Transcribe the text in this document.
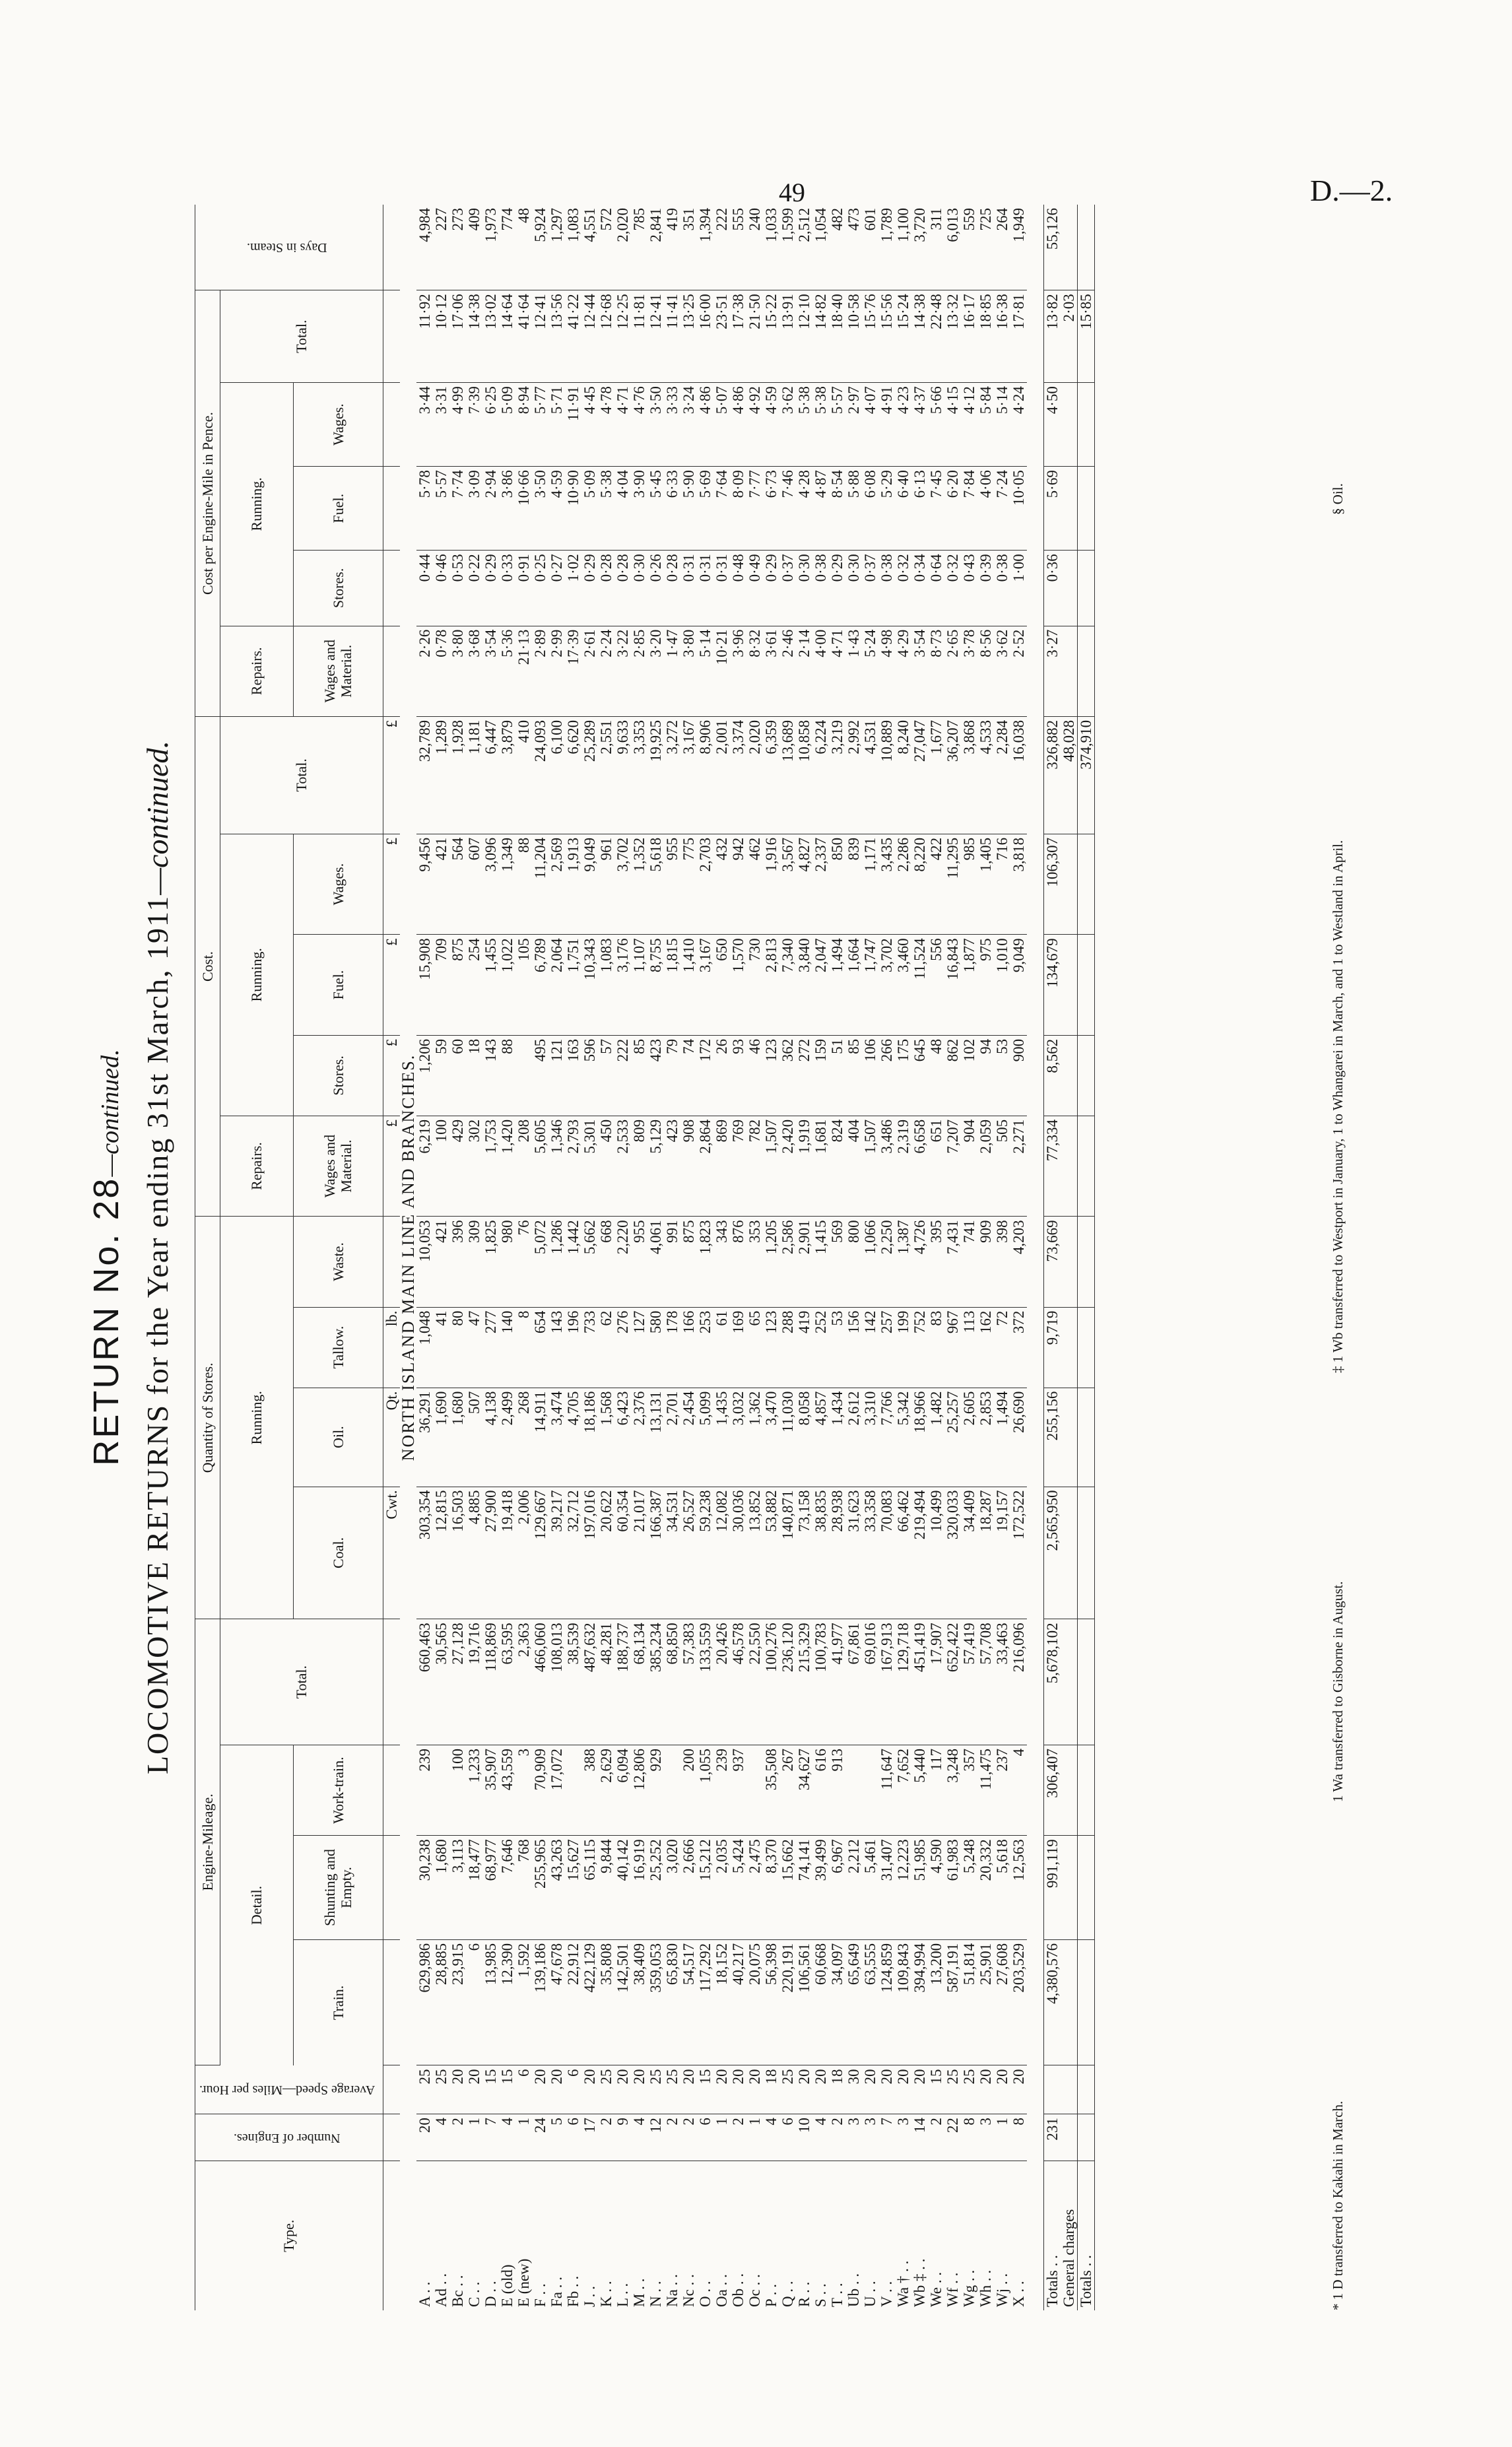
49	D.—2.
RETURN No. 28—continued. LOCOMOTIVE RETURNS for the Year ending 31st March, 1911—continued.
Type.	Number of Engines.	Average Speed—Miles per Hour.	Engine-Mileage.				Quantity of Stores.				Cost.					Cost per Engine-Mile in Pence.					Days in Steam.
			Detail.			Total.	Running.				Repairs.	Running.			Total.	Repairs.	Running.			Total.	
			Train.	Shunting and Empty.	Work-train.		Coal.	Oil.	Tallow.	Waste.	Wages and Material.	Stores.	Fuel.	Wages.		Wages and Material.	Stores.	Fuel.	Wages.		

							Cwt.	Qt.	lb.		£	£	£	£	£						
NORTH ISLAND MAIN LINE AND BRANCHES.																					
A . .	20	25	629,986	30,238	239	660,463	303,354	36,291	1,048	10,053	6,219	1,206	15,908	9,456	32,789	2·26	0·44	5·78	3·44	11·92	4,984
Ad . .	4	25	28,885	1,680		30,565	12,815	1,690	41	421	100	59	709	421	1,289	0·78	0·46	5·57	3·31	10·12	227
Bc . .	2	20	23,915	3,113	100	27,128	16,503	1,680	80	396	429	60	875	564	1,928	3·80	0·53	7·74	4·99	17·06	273
C . .	1	20	6	18,477	1,233	19,716	4,885	507	47	309	302	18	254	607	1,181	3·68	0·22	3·09	7·39	14·38	409
D . .	7	15	13,985	68,977	35,907	118,869	27,900	4,138	277	1,825	1,753	143	1,455	3,096	6,447	3·54	0·29	2·94	6·25	13·02	1,973
E (old)	4	15	12,390	7,646	43,559	63,595	19,418	2,499	140	980	1,420	88	1,022	1,349	3,879	5·36	0·33	3·86	5·09	14·64	774
E (new)	1	6	1,592	768	3	2,363	2,006	268	8	76	208		105	88	410	21·13	0·91	10·66	8·94	41·64	48
F . .	24	20	139,186	255,965	70,909	466,060	129,667	14,911	654	5,072	5,605	495	6,789	11,204	24,093	2·89	0·25	3·50	5·77	12·41	5,924
Fa . .	5	20	47,678	43,263	17,072	108,013	39,217	3,474	143	1,286	1,346	121	2,064	2,569	6,100	2·99	0·27	4·59	5·71	13·56	1,297
Fb . .	6	6	22,912	15,627		38,539	32,712	4,705	196	1,442	2,793	163	1,751	1,913	6,620	17·39	1·02	10·90	11·91	41·22	1,083
J . .	17	20	422,129	65,115	388	487,632	197,016	18,186	733	5,662	5,301	596	10,343	9,049	25,289	2·61	0·29	5·09	4·45	12·44	4,551
K . .	2	25	35,808	9,844	2,629	48,281	20,622	1,568	62	668	450	57	1,083	961	2,551	2·24	0·28	5·38	4·78	12·68	572
L . .	9	20	142,501	40,142	6,094	188,737	60,354	6,423	276	2,220	2,533	222	3,176	3,702	9,633	3·22	0·28	4·04	4·71	12·25	2,020
M . .	4	20	38,409	16,919	12,806	68,134	21,017	2,376	127	955	809	85	1,107	1,352	3,353	2·85	0·30	3·90	4·76	11·81	785
N . .	12	25	359,053	25,252	929	385,234	166,387	13,131	580	4,061	5,129	423	8,755	5,618	19,925	3·20	0·26	5·45	3·50	12·41	2,841
Na . .	2	25	65,830	3,020		68,850	34,531	2,701	178	991	423	79	1,815	955	3,272	1·47	0·28	6·33	3·33	11·41	419
Nc . .	2	20	54,517	2,666	200	57,383	26,527	2,454	166	875	908	74	1,410	775	3,167	3·80	0·31	5·90	3·24	13·25	351
O . .	6	15	117,292	15,212	1,055	133,559	59,238	5,099	253	1,823	2,864	172	3,167	2,703	8,906	5·14	0·31	5·69	4·86	16·00	1,394
Oa . .	1	20	18,152	2,035	239	20,426	12,082	1,435	61	343	869	26	650	432	2,001	10·21	0·31	7·64	5·07	23·51	222
Ob . .	2	20	40,217	5,424	937	46,578	30,036	3,032	169	876	769	93	1,570	942	3,374	3·96	0·48	8·09	4·86	17·38	555
Oc . .	1	20	20,075	2,475		22,550	13,852	1,362	65	353	782	46	730	462	2,020	8·32	0·49	7·77	4·92	21·50	240
P . .	4	18	56,398	8,370	35,508	100,276	53,882	3,470	123	1,205	1,507	123	2,813	1,916	6,359	3·61	0·29	6·73	4·59	15·22	1,033
Q . .	6	25	220,191	15,662	267	236,120	140,871	11,030	288	2,586	2,420	362	7,340	3,567	13,689	2·46	0·37	7·46	3·62	13·91	1,599
R . .	10	20	106,561	74,141	34,627	215,329	73,158	8,058	419	2,901	1,919	272	3,840	4,827	10,858	2·14	0·30	4·28	5·38	12·10	2,512
S . .	4	20	60,668	39,499	616	100,783	38,835	4,857	252	1,415	1,681	159	2,047	2,337	6,224	4·00	0·38	4·87	5·38	14·82	1,054
T . .	2	18	34,097	6,967	913	41,977	28,938	1,434	53	569	824	51	1,494	850	3,219	4·71	0·29	8·54	5·57	18·40	482
Ub . .	3	30	65,649	2,212		67,861	31,623	2,612	156	800	404	85	1,664	839	2,992	1·43	0·30	5·88	2·97	10·58	473
U . .	3	20	63,555	5,461		69,016	33,358	3,310	142	1,066	1,507	106	1,747	1,171	4,531	5·24	0·37	6·08	4·07	15·76	601
V . .	7	20	124,859	31,407	11,647	167,913	70,083	7,766	257	2,250	3,486	266	3,702	3,435	10,889	4·98	0·38	5·29	4·91	15·56	1,789
Wa † . .	3	20	109,843	12,223	7,652	129,718	66,462	5,342	199	1,387	2,319	175	3,460	2,286	8,240	4·29	0·32	6·40	4·23	15·24	1,100
Wb ‡ . .	14	20	394,994	51,985	5,440	451,419	219,494	18,966	752	4,726	6,658	645	11,524	8,220	27,047	3·54	0·34	6·13	4·37	14·38	3,720
We . .	2	15	13,200	4,590	117	17,907	10,499	1,482	83	395	651	48	556	422	1,677	8·73	0·64	7·45	5·66	22·48	311
Wf . .	22	25	587,191	61,983	3,248	652,422	320,033	25,257	967	7,431	7,207	862	16,843	11,295	36,207	2·65	0·32	6·20	4·15	13·32	6,013
Wg . .	8	25	51,814	5,248	357	57,419	34,409	2,605	113	741	904	102	1,877	985	3,868	3·78	0·43	7·84	4·12	16·17	559
Wh . .	3	20	25,901	20,332	11,475	57,708	18,287	2,853	162	909	2,059	94	975	1,405	4,533	8·56	0·39	4·06	5·84	18·85	725
Wj . .	1	20	27,608	5,618	237	33,463	19,157	1,494	72	398	505	53	1,010	716	2,284	3·62	0·38	7·24	5·14	16·38	264
X . .	8	20	203,529	12,563	4	216,096	172,522	26,690	372	4,203	2,271	900	9,049	3,818	16,038	2·52	1·00	10·05	4·24	17·81	1,949

Totals . .	231		4,380,576	991,119	306,407	5,678,102	2,565,950	255,156	9,719	73,669	77,334	8,562	134,679	106,307	326,882	3·27	0·36	5·69	4·50	13·82	55,126
General charges															48,028					2·03	
Totals . .															374,910					15·85	
* 1 D transferred to Kakahi in March.
1 Wa transferred to Gisborne in August.
‡ 1 Wb transferred to Westport in January, 1 to Whangarei in March, and 1 to Westland in April.
§ Oil.
